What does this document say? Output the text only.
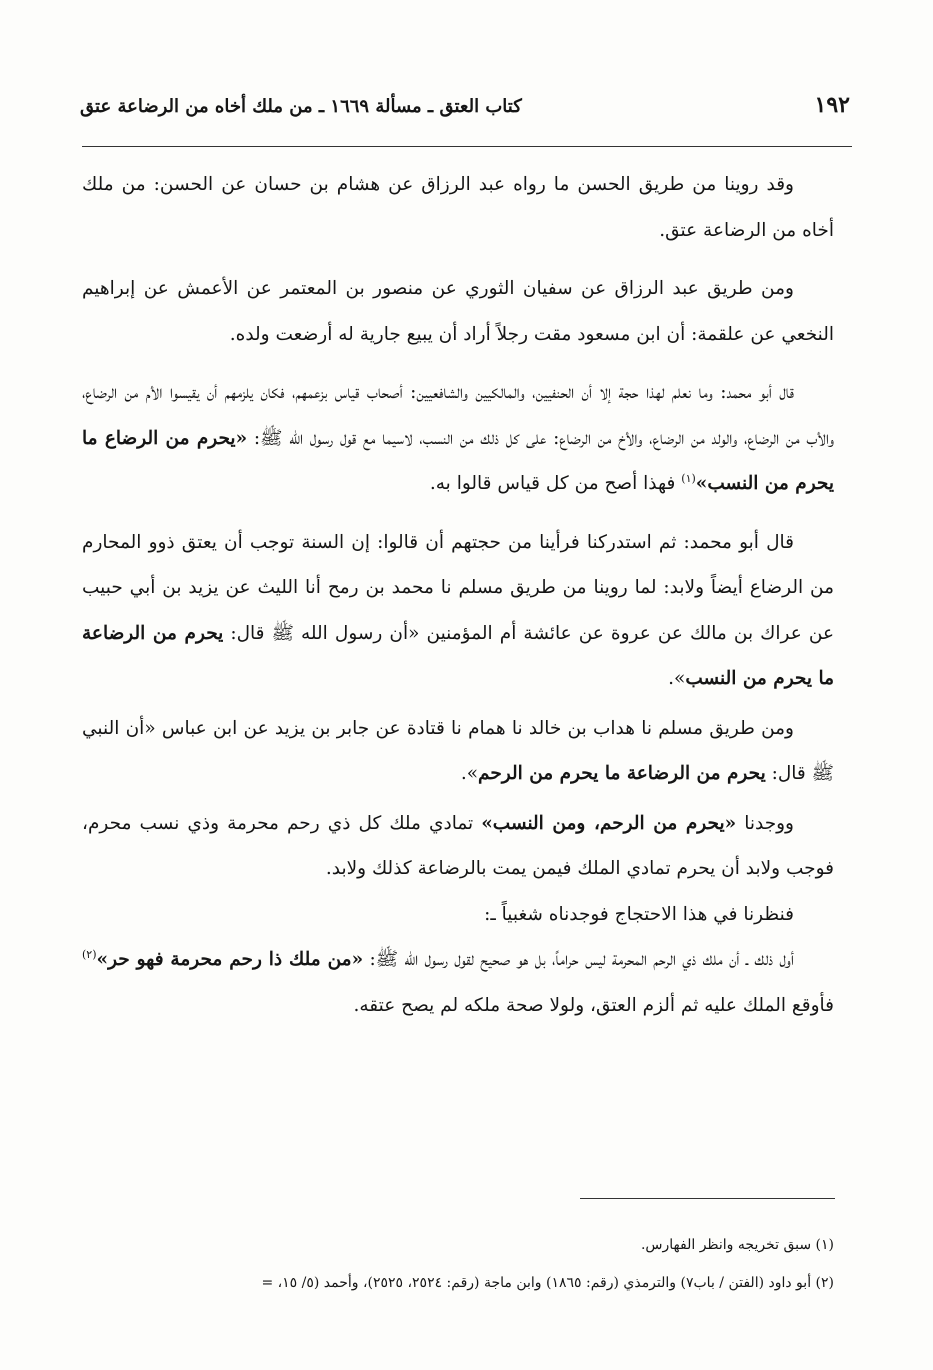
١٩٢
كتاب العتق ـ مسألة ١٦٦٩ ـ من ملك أخاه من الرضاعة عتق

وقد روينا من طريق الحسن ما رواه عبد الرزاق عن هشام بن حسان عن الحسن: من ملك أخاه من الرضاعة عتق.

ومن طريق عبد الرزاق عن سفيان الثوري عن منصور بن المعتمر عن الأعمش عن إبراهيم النخعي عن علقمة: أن ابن مسعود مقت رجلاً أراد أن يبيع جارية له أرضعت ولده.

قال أبو محمد: وما نعلم لهذا حجة إلا أن الحنفيين، والمالكيين والشافعيين: أصحاب قياس بزعمهم، فكان يلزمهم أن يقيسوا الأم من الرضاع، والأب من الرضاع، والولد من الرضاع، والأخ من الرضاع: على كل ذلك من النسب، لاسيما مع قول رسول الله ﷺ: «يحرم من الرضاع ما يحرم من النسب»$^{(١)}$ فهذا أصح من كل قياس قالوا به.

قال أبو محمد: ثم استدركنا فرأينا من حجتهم أن قالوا: إن السنة توجب أن يعتق ذوو المحارم من الرضاع أيضاً ولابد: لما روينا من طريق مسلم نا محمد بن رمح أنا الليث عن يزيد بن أبي حبيب عن عراك بن مالك عن عروة عن عائشة أم المؤمنين «أن رسول الله ﷺ قال: يحرم من الرضاعة ما يحرم من النسب».

ومن طريق مسلم نا هداب بن خالد نا همام نا قتادة عن جابر بن يزيد عن ابن عباس «أن النبي ﷺ قال: يحرم من الرضاعة ما يحرم من الرحم».

ووجدنا «يحرم من الرحم، ومن النسب» تمادي ملك كل ذي رحم محرمة وذي نسب محرم، فوجب ولابد أن يحرم تمادي الملك فيمن يمت بالرضاعة كذلك ولابد.

فنظرنا في هذا الاحتجاج فوجدناه شغبياً ـ:

أول ذلك ـ أن ملك ذي الرحم المحرمة ليس حراماً، بل هو صحيح لقول رسول الله ﷺ: «من ملك ذا رحم محرمة فهو حر»$^{(٢)}$ فأوقع الملك عليه ثم ألزم العتق، ولولا صحة ملكه لم يصح عتقه.

(١) سبق تخريجه وانظر الفهارس.

(٢) أبو داود (الفتن / باب٧) والترمذي (رقم: ١٨٦٥) وابن ماجة (رقم: ٢٥٢٤، ٢٥٢٥)، وأحمد (٥/ ١٥، =
